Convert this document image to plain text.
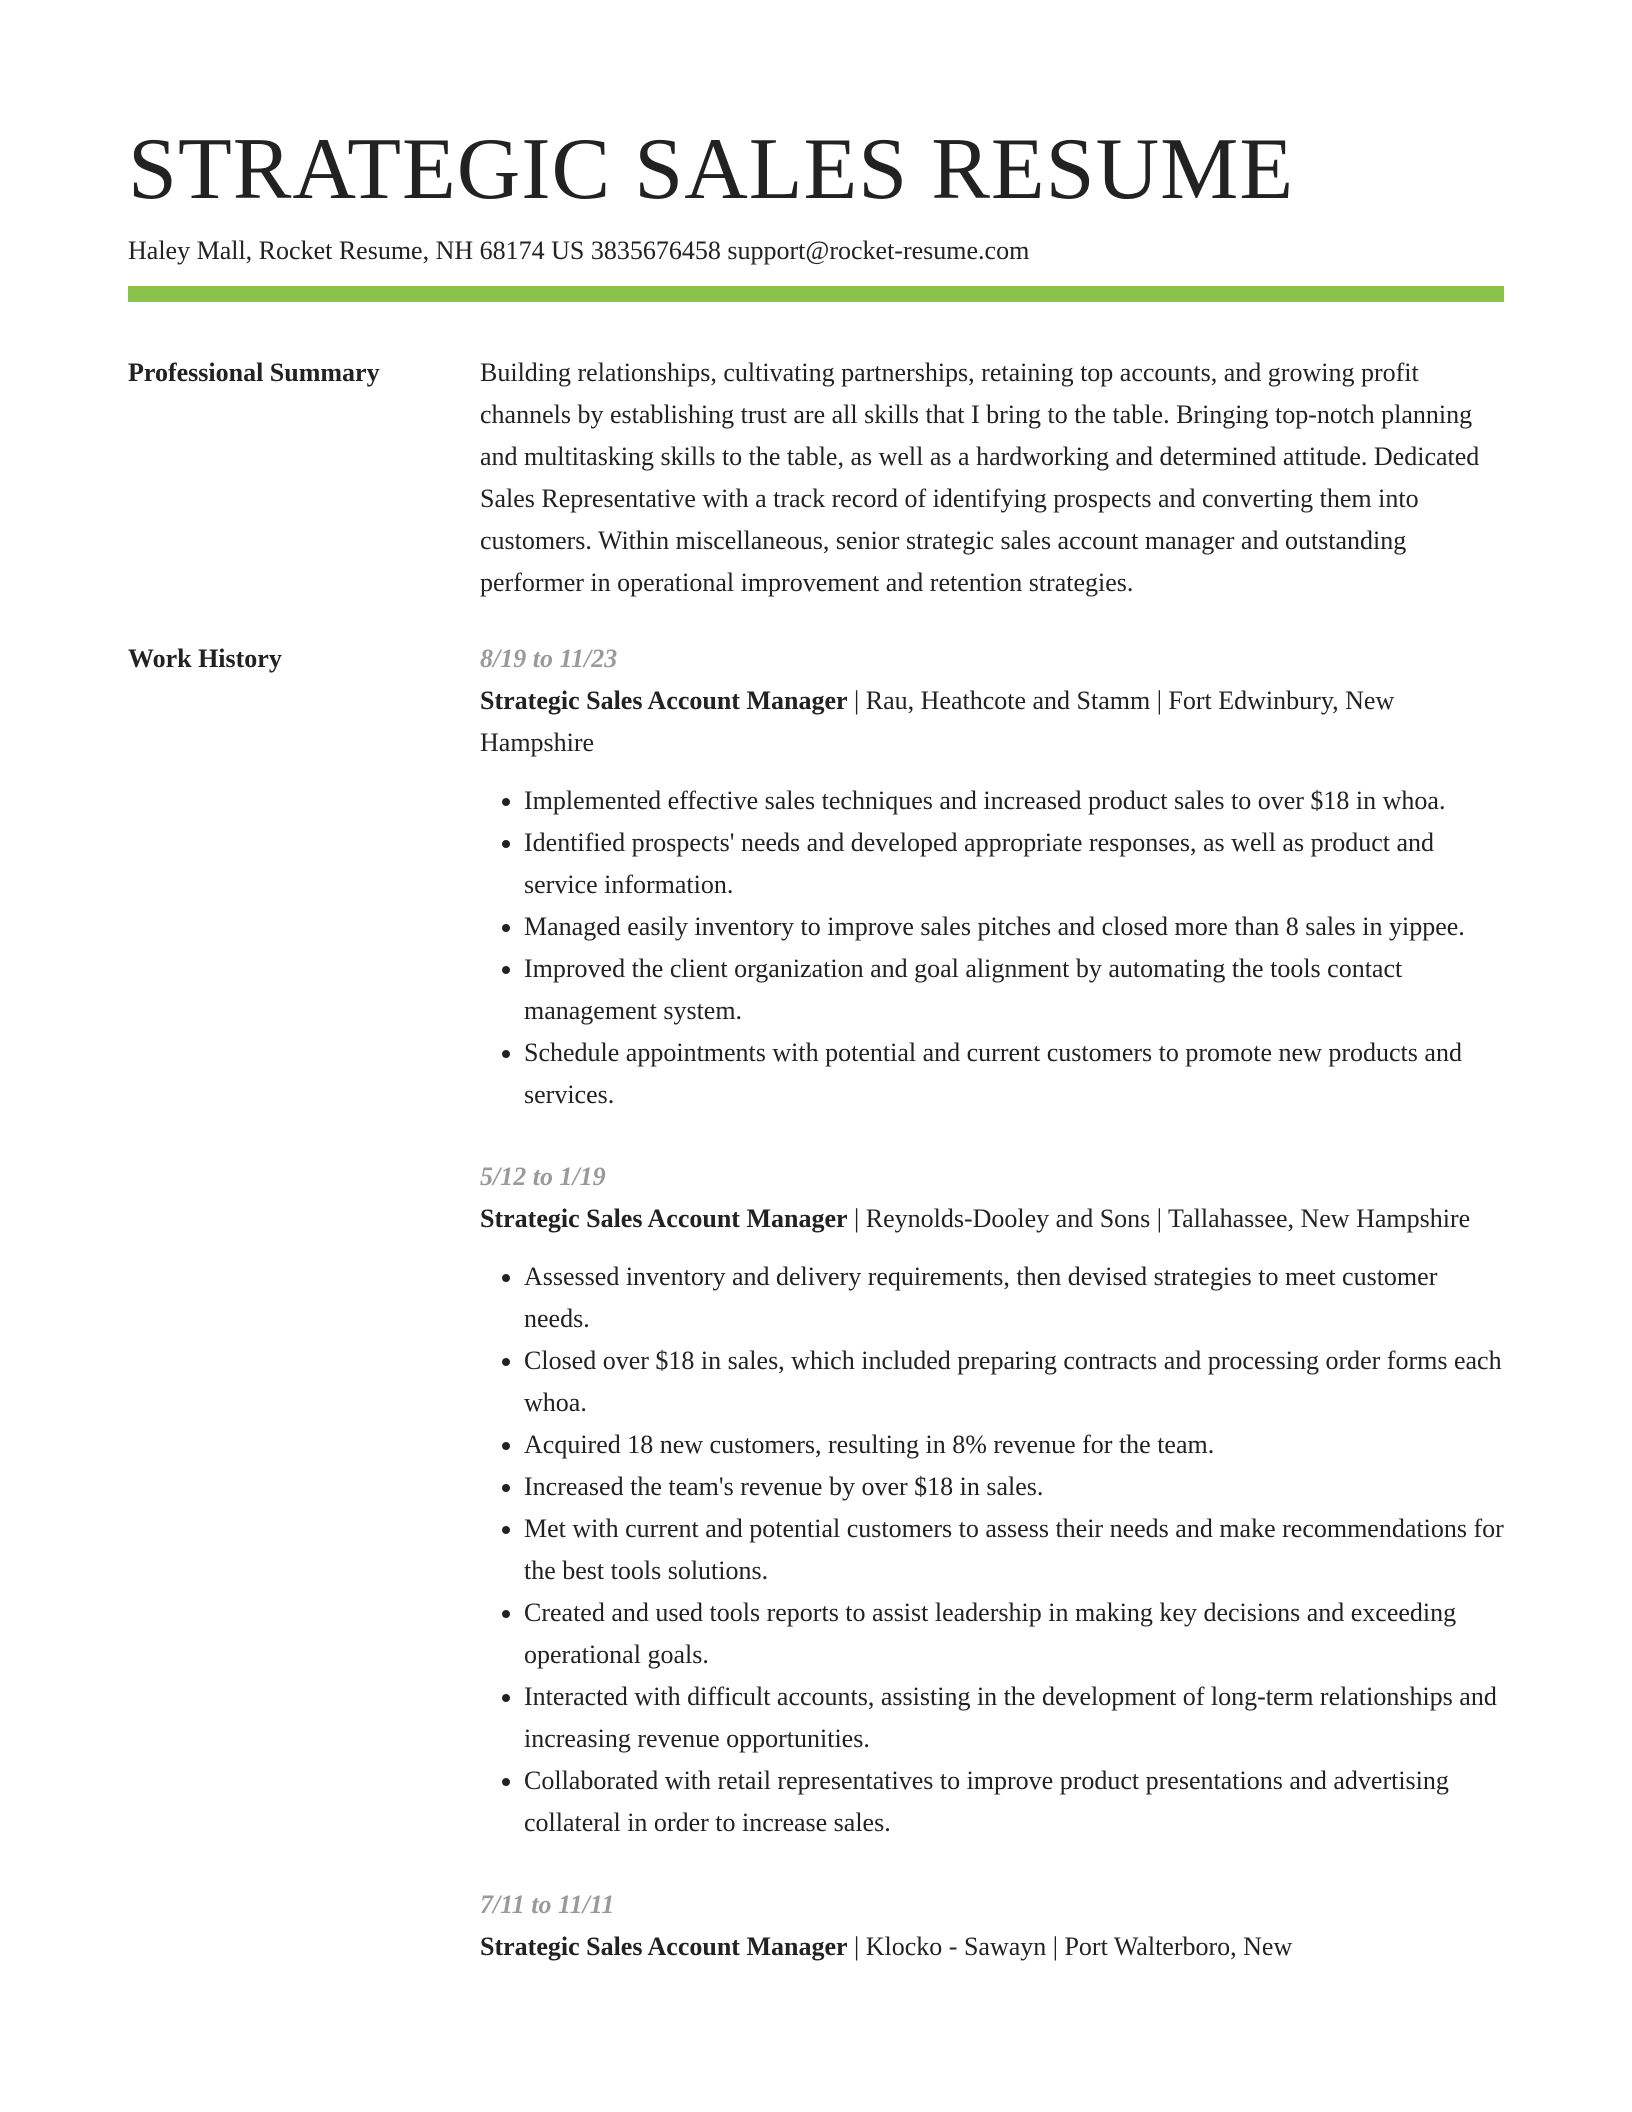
STRATEGIC SALES RESUME
Haley Mall, Rocket Resume, NH 68174 US 3835676458 support@rocket-resume.com
Professional Summary	Building relationships, cultivating partnerships, retaining top accounts, and growing profit channels by establishing trust are all skills that I bring to the table. Bringing top-notch planning and multitasking skills to the table, as well as a hardworking and determined attitude. Dedicated Sales Representative with a track record of identifying prospects and converting them into customers. Within miscellaneous, senior strategic sales account manager and outstanding performer in operational improvement and retention strategies.

Work History	8/19 to 11/23
Strategic Sales Account Manager | Rau, Heathcote and Stamm | Fort Edwinbury, New Hampshire
• Implemented effective sales techniques and increased product sales to over $18 in whoa.
• Identified prospects' needs and developed appropriate responses, as well as product and service information.
• Managed easily inventory to improve sales pitches and closed more than 8 sales in yippee.
• Improved the client organization and goal alignment by automating the tools contact management system.
• Schedule appointments with potential and current customers to promote new products and services.
5/12 to 1/19
Strategic Sales Account Manager | Reynolds-Dooley and Sons | Tallahassee, New Hampshire
• Assessed inventory and delivery requirements, then devised strategies to meet customer needs.
• Closed over $18 in sales, which included preparing contracts and processing order forms each whoa.
• Acquired 18 new customers, resulting in 8% revenue for the team.
• Increased the team's revenue by over $18 in sales.
• Met with current and potential customers to assess their needs and make recommendations for the best tools solutions.
• Created and used tools reports to assist leadership in making key decisions and exceeding operational goals.
• Interacted with difficult accounts, assisting in the development of long-term relationships and increasing revenue opportunities.
• Collaborated with retail representatives to improve product presentations and advertising collateral in order to increase sales.
7/11 to 11/11
Strategic Sales Account Manager | Klocko - Sawayn | Port Walterboro, New
